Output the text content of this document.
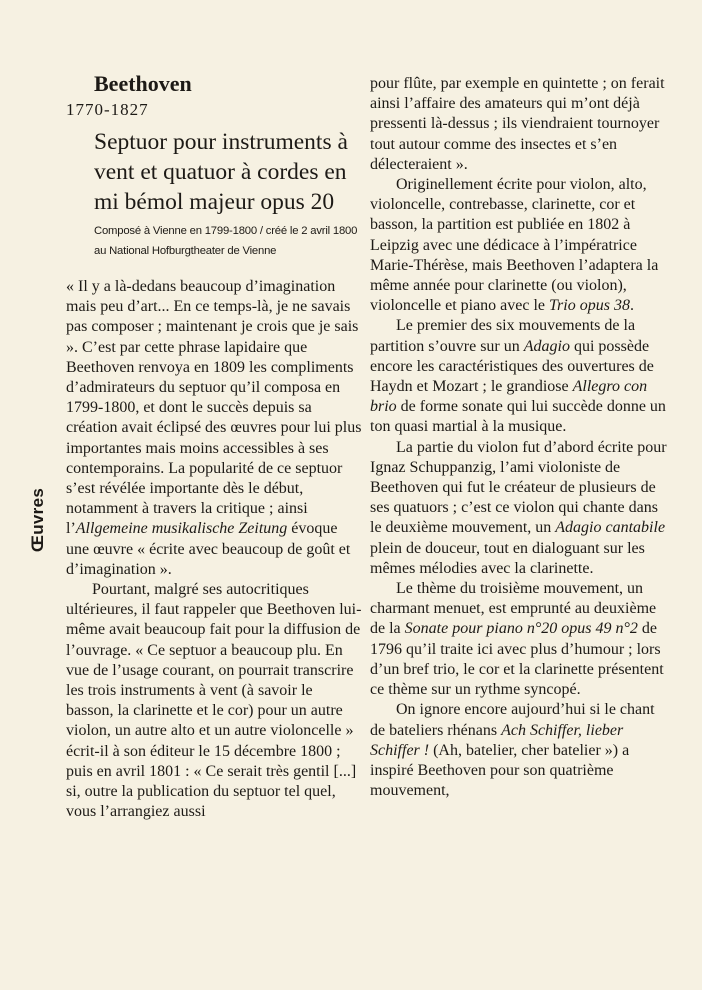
Œuvres
Beethoven
1770-1827
Septuor pour instruments à vent et quatuor à cordes en mi bémol majeur opus 20
Composé à Vienne en 1799-1800 / créé le 2 avril 1800 au National Hofburgtheater de Vienne

« Il y a là-dedans beaucoup d’imagination mais peu d’art... En ce temps-là, je ne savais pas composer ; maintenant je crois que je sais ». C’est par cette phrase lapidaire que Beethoven renvoya en 1809 les compliments d’admirateurs du septuor qu’il composa en 1799-1800, et dont le succès depuis sa création avait éclipsé des œuvres pour lui plus importantes mais moins accessibles à ses contemporains. La popularité de ce septuor s’est révélée importante dès le début, notamment à travers la critique ; ainsi l’Allgemeine musikalische Zeitung évoque une œuvre « écrite avec beaucoup de goût et d’imagination ».

Pourtant, malgré ses autocritiques ultérieures, il faut rappeler que Beethoven lui-même avait beaucoup fait pour la diffusion de l’ouvrage. « Ce septuor a beaucoup plu. En vue de l’usage courant, on pourrait transcrire les trois instruments à vent (à savoir le basson, la clarinette et le cor) pour un autre violon, un autre alto et un autre violoncelle » écrit-il à son éditeur le 15 décembre 1800 ; puis en avril 1801 : « Ce serait très gentil [...] si, outre la publication du septuor tel quel, vous l’arrangiez aussi

pour flûte, par exemple en quintette ; on ferait ainsi l’affaire des amateurs qui m’ont déjà pressenti là-dessus ; ils viendraient tournoyer tout autour comme des insectes et s’en délecteraient ».

Originellement écrite pour violon, alto, violoncelle, contrebasse, clarinette, cor et basson, la partition est publiée en 1802 à Leipzig avec une dédicace à l’impératrice Marie-Thérèse, mais Beethoven l’adaptera la même année pour clarinette (ou violon), violoncelle et piano avec le Trio opus 38.

Le premier des six mouvements de la partition s’ouvre sur un Adagio qui possède encore les caractéristiques des ouvertures de Haydn et Mozart ; le grandiose Allegro con brio de forme sonate qui lui succède donne un ton quasi martial à la musique.

La partie du violon fut d’abord écrite pour Ignaz Schuppanzig, l’ami violoniste de Beethoven qui fut le créateur de plusieurs de ses quatuors ; c’est ce violon qui chante dans le deuxième mouvement, un Adagio cantabile plein de douceur, tout en dialoguant sur les mêmes mélodies avec la clarinette.

Le thème du troisième mouvement, un charmant menuet, est emprunté au deuxième de la Sonate pour piano n°20 opus 49 n°2 de 1796 qu’il traite ici avec plus d’humour ; lors d’un bref trio, le cor et la clarinette présentent ce thème sur un rythme syncopé.

On ignore encore aujourd’hui si le chant de bateliers rhénans Ach Schiffer, lieber Schiffer ! (Ah, batelier, cher batelier ») a inspiré Beethoven pour son quatrième mouvement,
